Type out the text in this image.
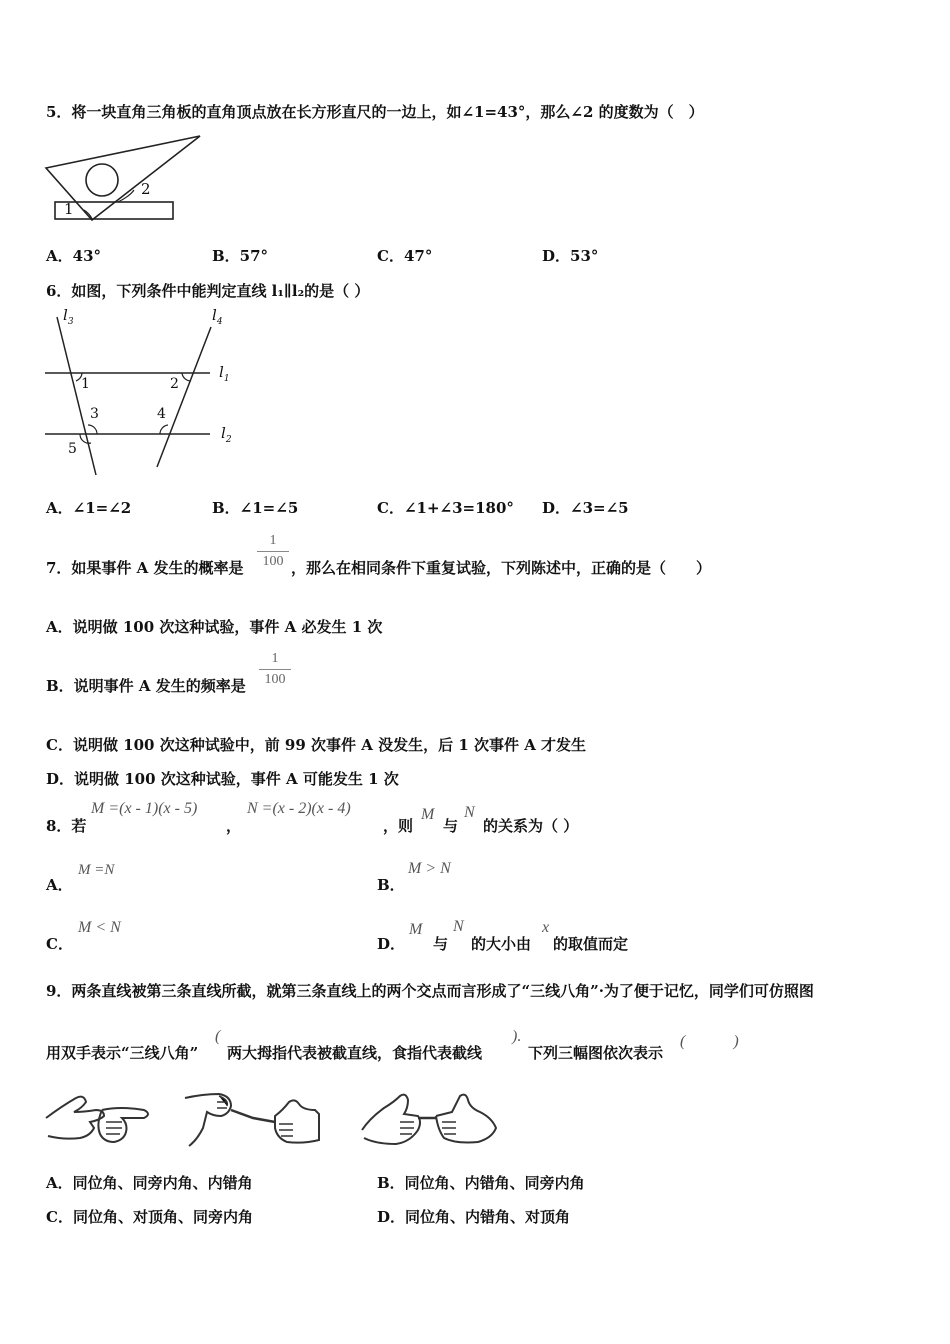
5．将一块直角三角板的直角顶点放在长方形直尺的一边上，如∠1=43°，那么∠2 的度数为（　）
1
2
A．43°	B．57°	C．47°	D．53°
6．如图，下列条件中能判定直线 l₁∥l₂的是（ ）
$l_3$	$l_4$
$l_1$
$l_2$
1	2
3	4
5
A．∠1=∠2	B．∠1=∠5	C．∠1+∠3=180° D．∠3=∠5
7．如果事件 A 发生的概率是
1
100 ，那么在相同条件下重复试验，下列陈述中，正确的是（　　）
A．说明做 100 次这种试验，事件 A 必发生 1 次
B．说明事件 A 发生的频率是
1
100
C．说明做 100 次这种试验中，前 99 次事件 A 没发生，后 1 次事件 A 才发生
D．说明做 100 次这种试验，事件 A 可能发生 1 次
8．若
M =(x - 1)(x - 5)
，
N =(x - 2)(x - 4)
，则
M
与
N
的关系为（ ）
A．
M =N
B．
M > N
C．
M < N
D．
M
与
N
的大小由
x
的取值而定
9．两条直线被第三条直线所截，就第三条直线上的两个交点而言形成了“三线八角”·为了便于记忆，同学们可仿照图
用双手表示“三线八角”
(
两大拇指代表被截直线，食指代表截线
).
下列三幅图依次表示
(　　　)
A．同位角、同旁内角、内错角	B．同位角、内错角、同旁内角
C．同位角、对顶角、同旁内角	D．同位角、内错角、对顶角
